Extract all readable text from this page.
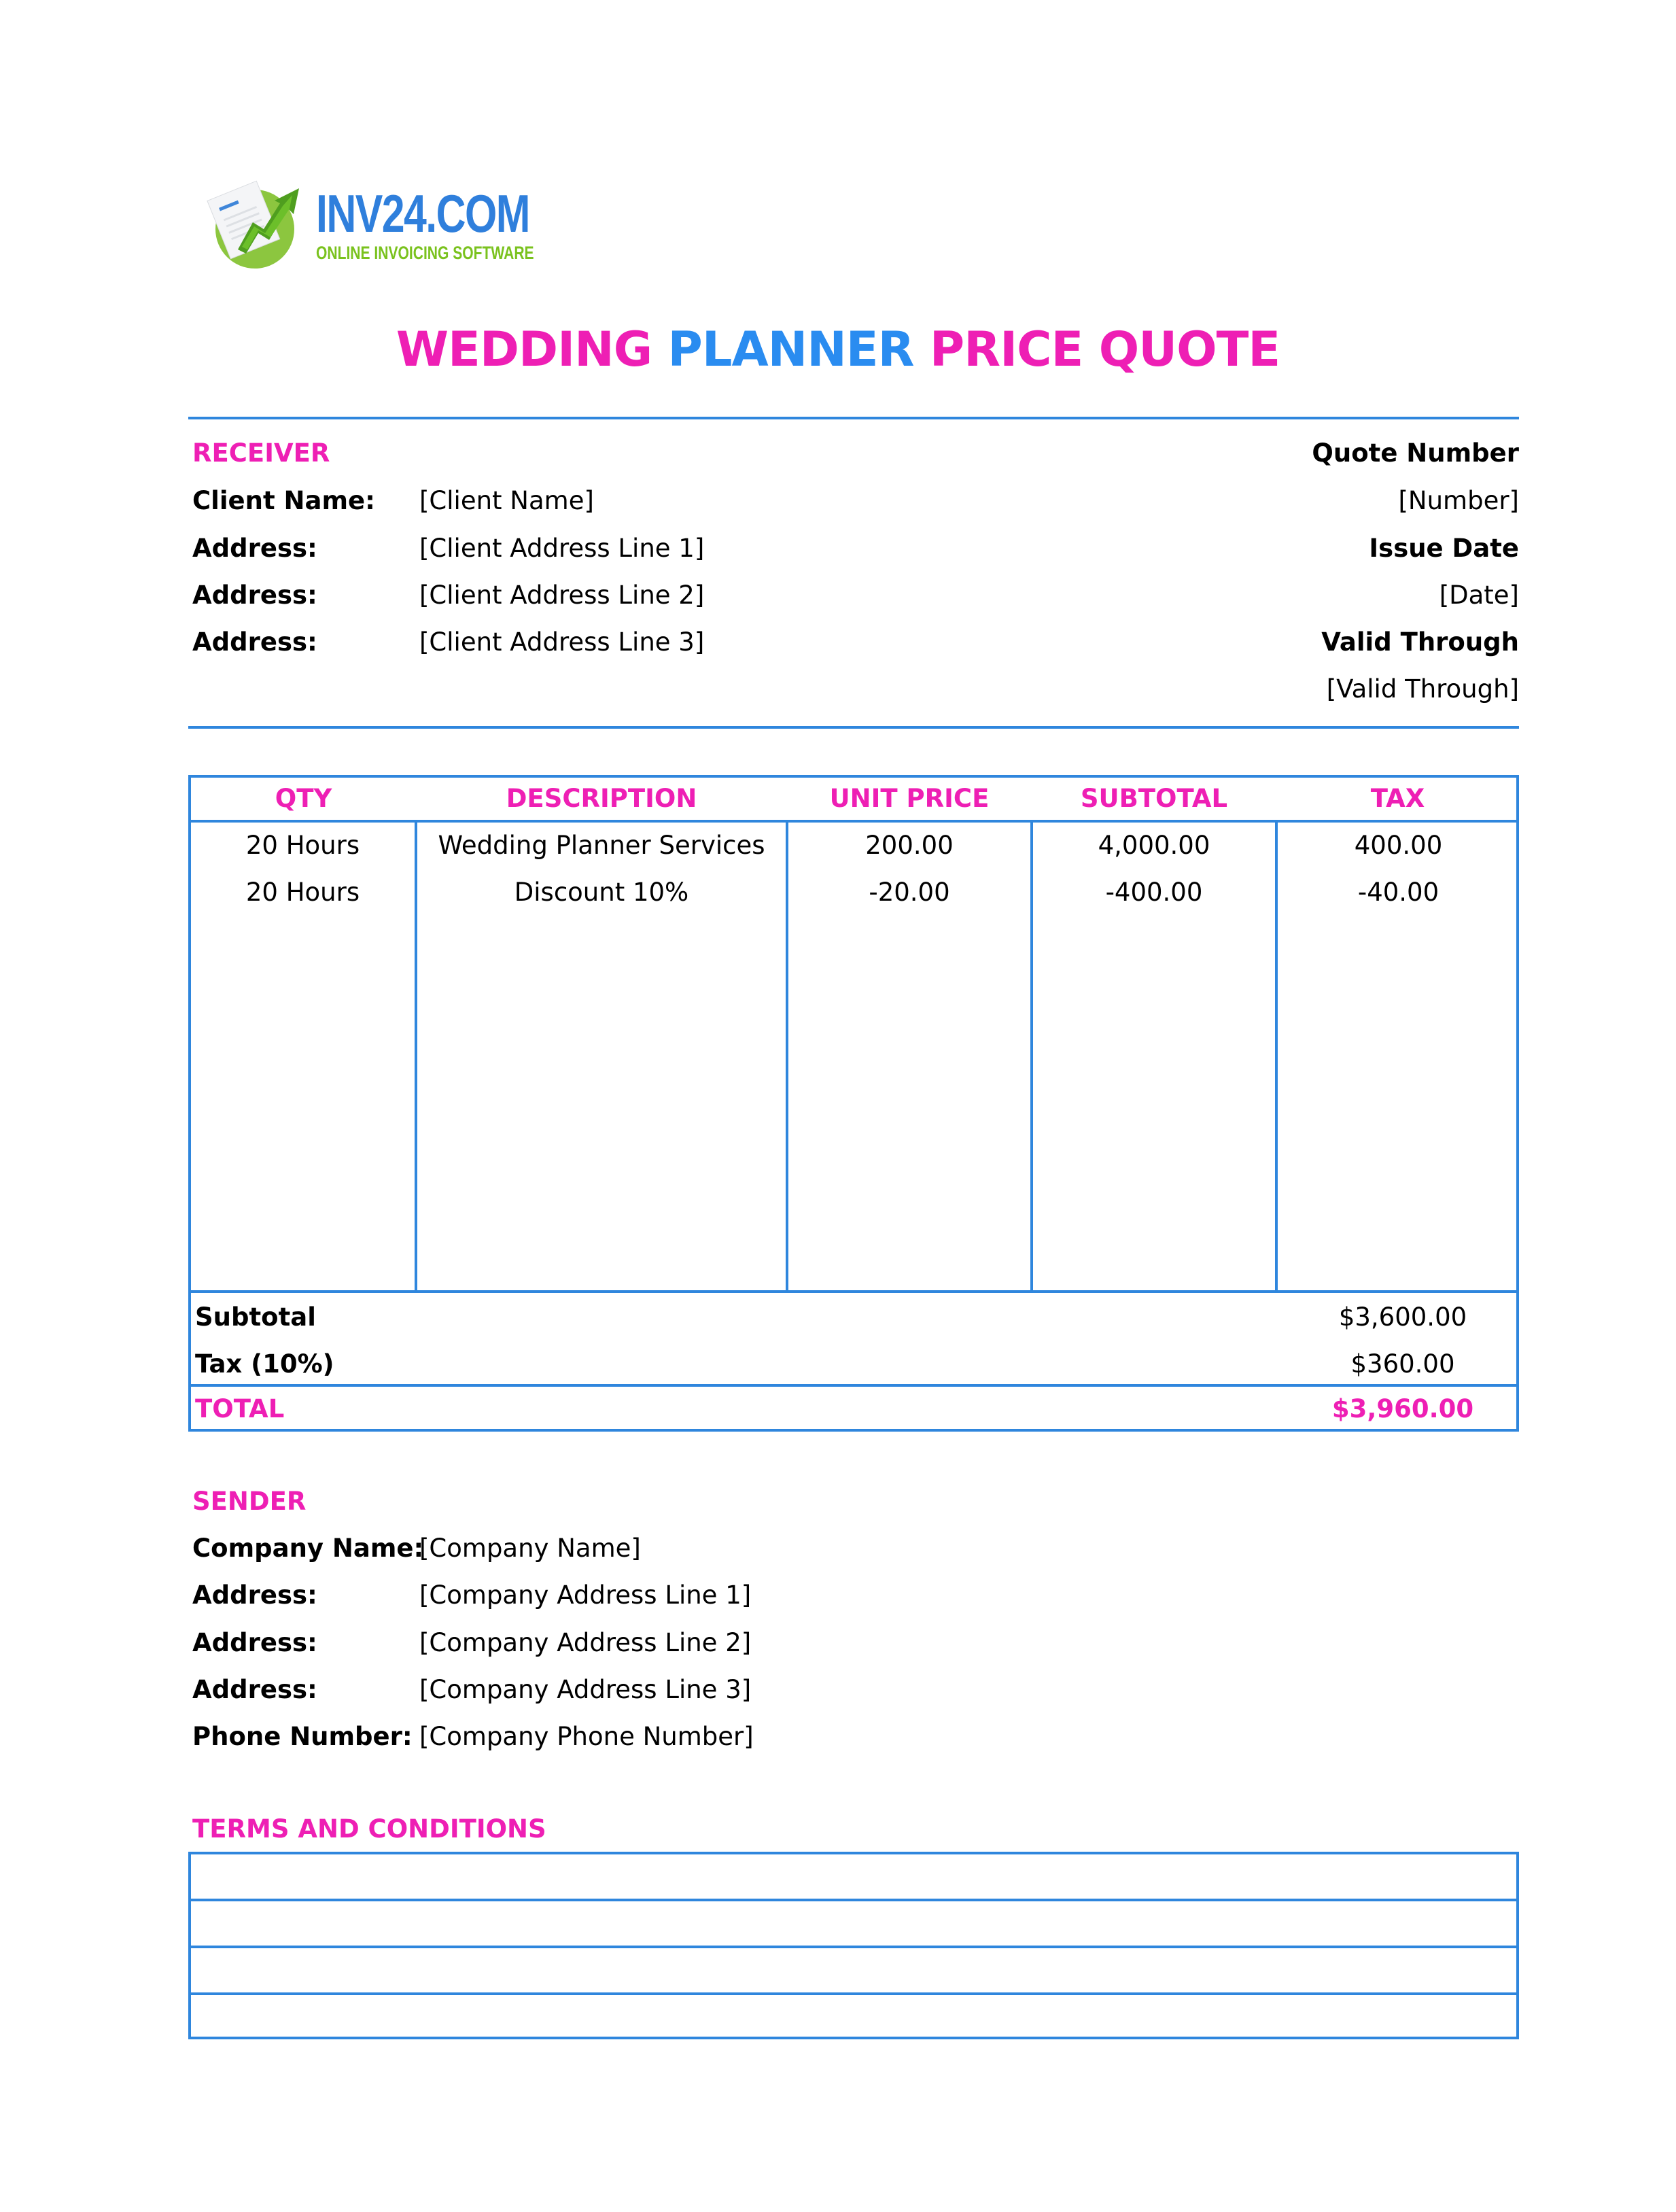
INV24.COM
ONLINE INVOICING SOFTWARE
WEDDING PLANNER PRICE QUOTE
RECEIVER
Client Name: [Client Name]
Address:	[Client Address Line 1]
Address:	[Client Address Line 2]
Address:	[Client Address Line 3]
Quote Number
[Number]
Issue Date
[Date]
Valid Through
[Valid Through]
QTY	DESCRIPTION	UNIT PRICE	SUBTOTAL	TAX
20 Hours	Wedding Planner Services	200.00	4,000.00	400.00
20 Hours	Discount 10%	-20.00	-400.00	-40.00
Subtotal	$3,600.00
Tax (10%)	$360.00
TOTAL	$3,960.00
SENDER
Company Name:
[Company Name]
Address:	[Company Address Line 1]
Address:	[Company Address Line 2]
Address:	[Company Address Line 3]
Phone Number: [Company Phone Number]
TERMS AND CONDITIONS
